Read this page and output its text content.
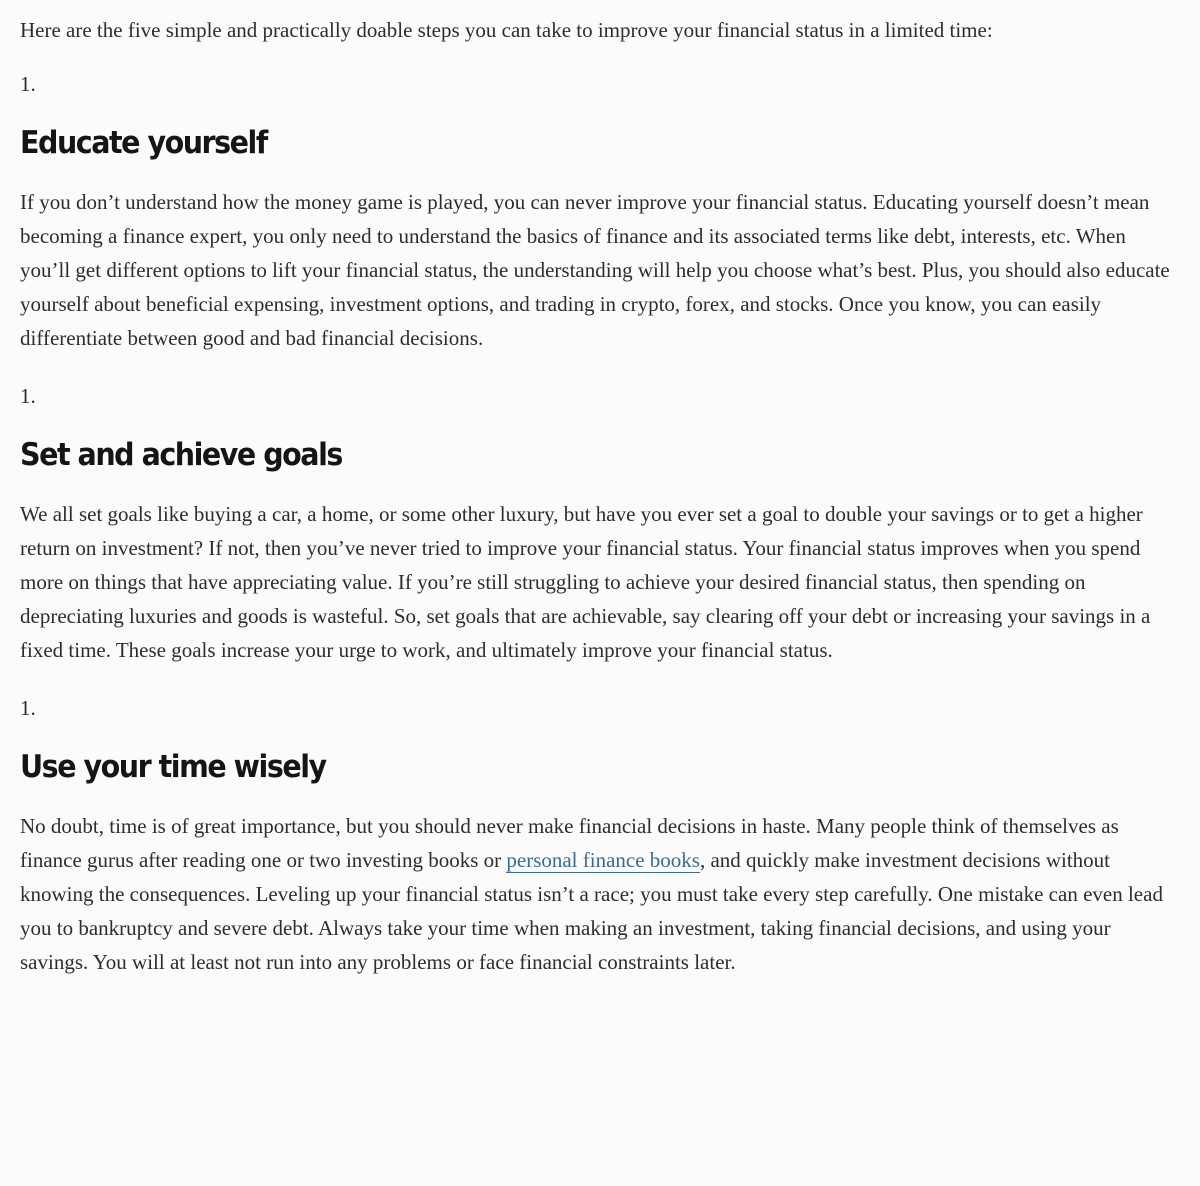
Here are the five simple and practically doable steps you can take to improve your financial status in a limited time:

1.

Educate yourself

If you don’t understand how the money game is played, you can never improve your financial status. Educating yourself doesn’t mean becoming a finance expert, you only need to understand the basics of finance and its associated terms like debt, interests, etc. When you’ll get different options to lift your financial status, the understanding will help you choose what’s best. Plus, you should also educate yourself about beneficial expensing, investment options, and trading in crypto, forex, and stocks. Once you know, you can easily differentiate between good and bad financial decisions.

1.

Set and achieve goals

We all set goals like buying a car, a home, or some other luxury, but have you ever set a goal to double your savings or to get a higher return on investment? If not, then you’ve never tried to improve your financial status. Your financial status improves when you spend more on things that have appreciating value. If you’re still struggling to achieve your desired financial status, then spending on depreciating luxuries and goods is wasteful. So, set goals that are achievable, say clearing off your debt or increasing your savings in a fixed time. These goals increase your urge to work, and ultimately improve your financial status.

1.

Use your time wisely

No doubt, time is of great importance, but you should never make financial decisions in haste. Many people think of themselves as finance gurus after reading one or two investing books or personal finance books, and quickly make investment decisions without knowing the consequences. Leveling up your financial status isn’t a race; you must take every step carefully. One mistake can even lead you to bankruptcy and severe debt. Always take your time when making an investment, taking financial decisions, and using your savings. You will at least not run into any problems or face financial constraints later.
